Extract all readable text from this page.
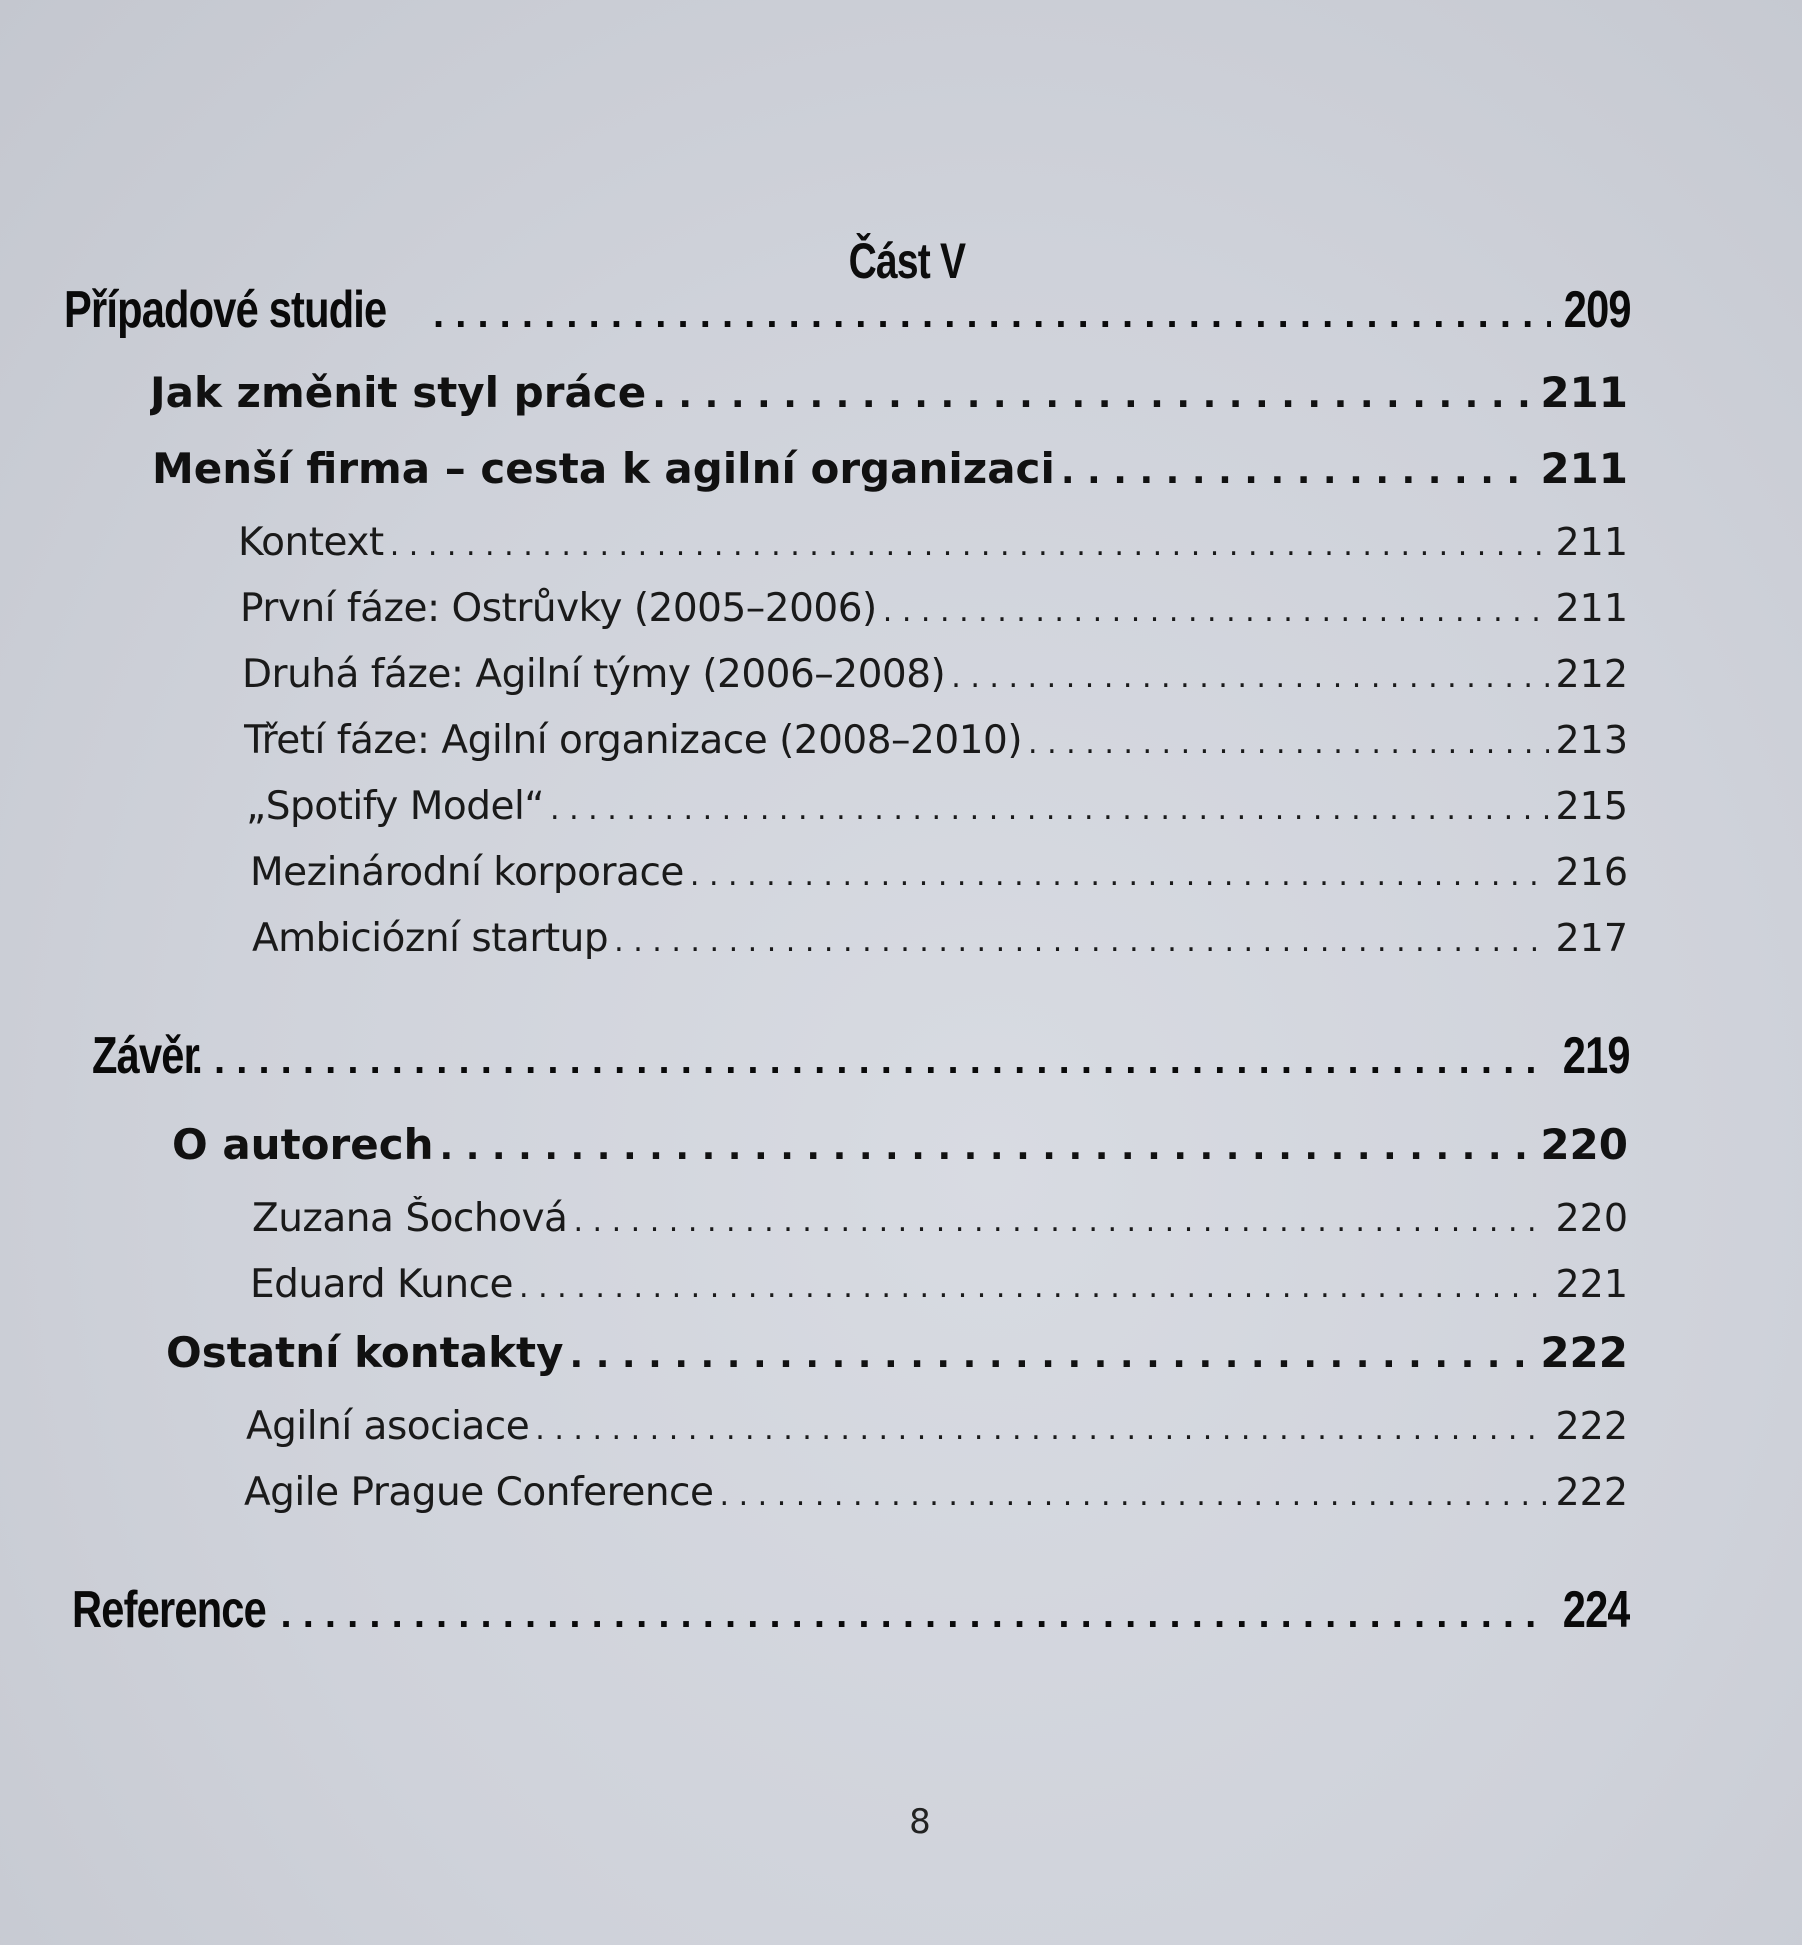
Část V
Případové studie . . .	209
Jak změnit styl práce . . .	211
Menší firma – cesta k agilní organizaci . . .	211
Kontext . . .	211
První fáze: Ostrůvky (2005–2006) . . .	211
Druhá fáze: Agilní týmy (2006–2008) . . .	212
Třetí fáze: Agilní organizace (2008–2010) . . .	213
„Spotify Model“ . . .	215
Mezinárodní korporace . . .	216
Ambiciózní startup . . .	217
Závěr . . .	219
O autorech . . .	220
Zuzana Šochová . . .	220
Eduard Kunce . . .	221
Ostatní kontakty . . .	222
Agilní asociace . . .	222
Agile Prague Conference . . .	222
Reference . . .	224
8
